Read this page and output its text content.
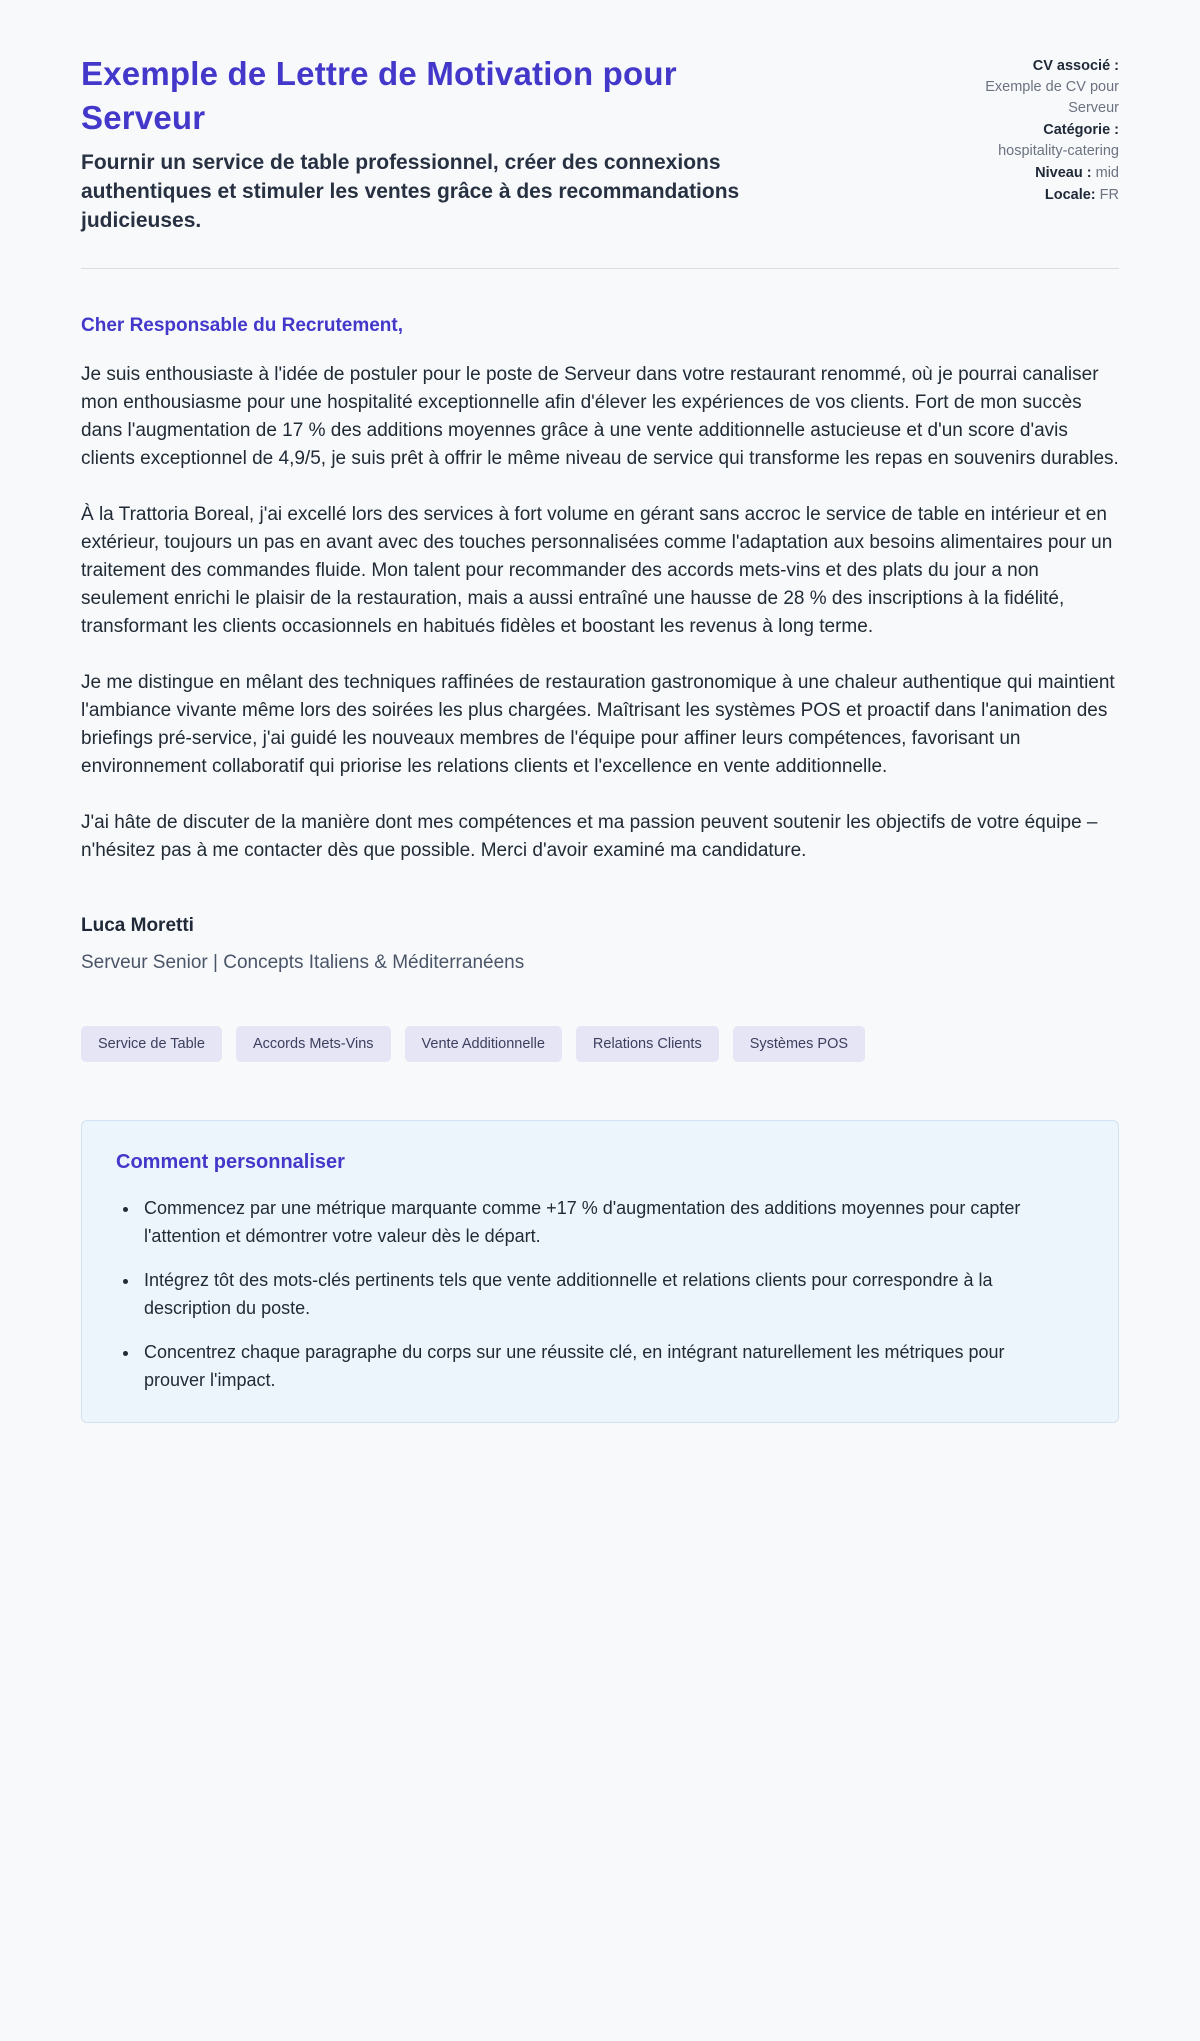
Exemple de Lettre de Motivation pour Serveur
Fournir un service de table professionnel, créer des connexions authentiques et stimuler les ventes grâce à des recommandations judicieuses.
CV associé : Exemple de CV pour Serveur
Catégorie : hospitality-catering
Niveau : mid
Locale: FR
Cher Responsable du Recrutement,

Je suis enthousiaste à l'idée de postuler pour le poste de Serveur dans votre restaurant renommé, où je pourrai canaliser mon enthousiasme pour une hospitalité exceptionnelle afin d'élever les expériences de vos clients. Fort de mon succès dans l'augmentation de 17 % des additions moyennes grâce à une vente additionnelle astucieuse et d'un score d'avis clients exceptionnel de 4,9/5, je suis prêt à offrir le même niveau de service qui transforme les repas en souvenirs durables.

À la Trattoria Boreal, j'ai excellé lors des services à fort volume en gérant sans accroc le service de table en intérieur et en extérieur, toujours un pas en avant avec des touches personnalisées comme l'adaptation aux besoins alimentaires pour un traitement des commandes fluide. Mon talent pour recommander des accords mets-vins et des plats du jour a non seulement enrichi le plaisir de la restauration, mais a aussi entraîné une hausse de 28 % des inscriptions à la fidélité, transformant les clients occasionnels en habitués fidèles et boostant les revenus à long terme.

Je me distingue en mêlant des techniques raffinées de restauration gastronomique à une chaleur authentique qui maintient l'ambiance vivante même lors des soirées les plus chargées. Maîtrisant les systèmes POS et proactif dans l'animation des briefings pré-service, j'ai guidé les nouveaux membres de l'équipe pour affiner leurs compétences, favorisant un environnement collaboratif qui priorise les relations clients et l'excellence en vente additionnelle.

J'ai hâte de discuter de la manière dont mes compétences et ma passion peuvent soutenir les objectifs de votre équipe – n'hésitez pas à me contacter dès que possible. Merci d'avoir examiné ma candidature.

Luca Moretti
Serveur Senior | Concepts Italiens & Méditerranéens
Service de Table	Accords Mets-Vins	Vente Additionnelle	Relations Clients	Systèmes POS
Comment personnaliser
• Commencez par une métrique marquante comme +17 % d'augmentation des additions moyennes pour capter l'attention et démontrer votre valeur dès le départ.
• Intégrez tôt des mots-clés pertinents tels que vente additionnelle et relations clients pour correspondre à la description du poste.
• Concentrez chaque paragraphe du corps sur une réussite clé, en intégrant naturellement les métriques pour prouver l'impact.
